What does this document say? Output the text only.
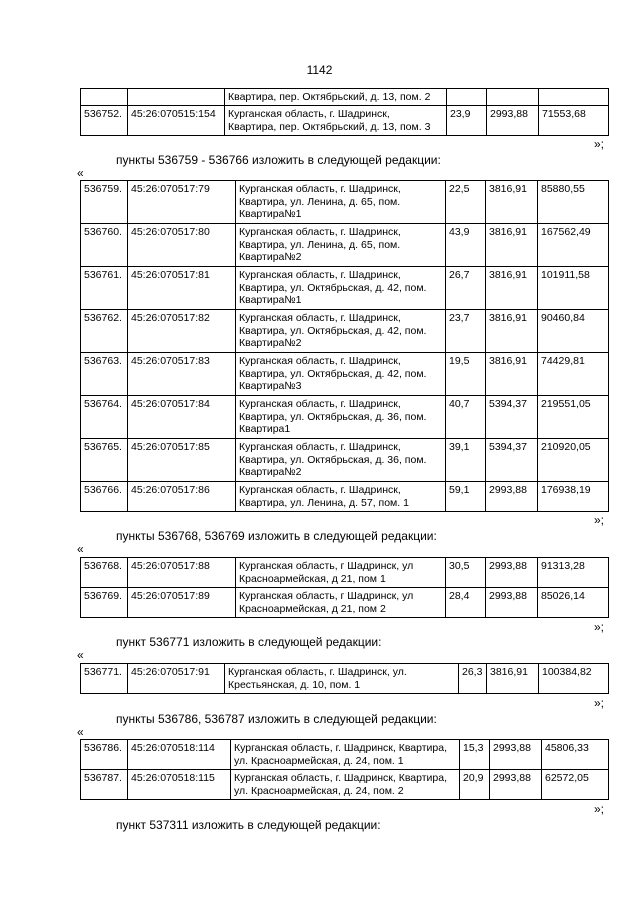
1142
		Квартира, пер. Октябрьский, д. 13, пом. 2			
536752.	45:26:070515:154	Курганская область, г. Шадринск,
Квартира, пер. Октябрьский, д. 13, пом. 3	23,9	2993,88	71553,68
»;
пункты 536759 - 536766 изложить в следующей редакции:
«
536759.	45:26:070517:79	Курганская область, г. Шадринск,
Квартира, ул. Ленина, д. 65, пом.
Квартира№1	22,5	3816,91	85880,55
536760.	45:26:070517:80	Курганская область, г. Шадринск,
Квартира, ул. Ленина, д. 65, пом.
Квартира№2	43,9	3816,91	167562,49
536761.	45:26:070517:81	Курганская область, г. Шадринск,
Квартира, ул. Октябрьская, д. 42, пом.
Квартира№1	26,7	3816,91	101911,58
536762.	45:26:070517:82	Курганская область, г. Шадринск,
Квартира, ул. Октябрьская, д. 42, пом.
Квартира№2	23,7	3816,91	90460,84
536763.	45:26:070517:83	Курганская область, г. Шадринск,
Квартира, ул. Октябрьская, д. 42, пом.
Квартира№3	19,5	3816,91	74429,81
536764.	45:26:070517:84	Курганская область, г. Шадринск,
Квартира, ул. Октябрьская, д. 36, пом.
Квартира1	40,7	5394,37	219551,05
536765.	45:26:070517:85	Курганская область, г. Шадринск,
Квартира, ул. Октябрьская, д. 36, пом.
Квартира№2	39,1	5394,37	210920,05
536766.	45:26:070517:86	Курганская область, г. Шадринск,
Квартира, ул. Ленина, д. 57, пом. 1	59,1	2993,88	176938,19
»;
пункты 536768, 536769 изложить в следующей редакции:
«
536768.	45:26:070517:88	Курганская область, г Шадринск, ул
Красноармейская, д 21, пом 1	30,5	2993,88	91313,28
536769.	45:26:070517:89	Курганская область, г Шадринск, ул
Красноармейская, д 21, пом 2	28,4	2993,88	85026,14
»;
пункт 536771 изложить в следующей редакции:
«
536771.	45:26:070517:91	Курганская область, г. Шадринск, ул.
Крестьянская, д. 10, пом. 1	26,3	3816,91	100384,82
»;
пункты 536786, 536787 изложить в следующей редакции:
«
536786.	45:26:070518:114	Курганская область, г. Шадринск, Квартира,
ул. Красноармейская, д. 24, пом. 1	15,3	2993,88	45806,33
536787.	45:26:070518:115	Курганская область, г. Шадринск, Квартира,
ул. Красноармейская, д. 24, пом. 2	20,9	2993,88	62572,05
»;
пункт 537311 изложить в следующей редакции:
